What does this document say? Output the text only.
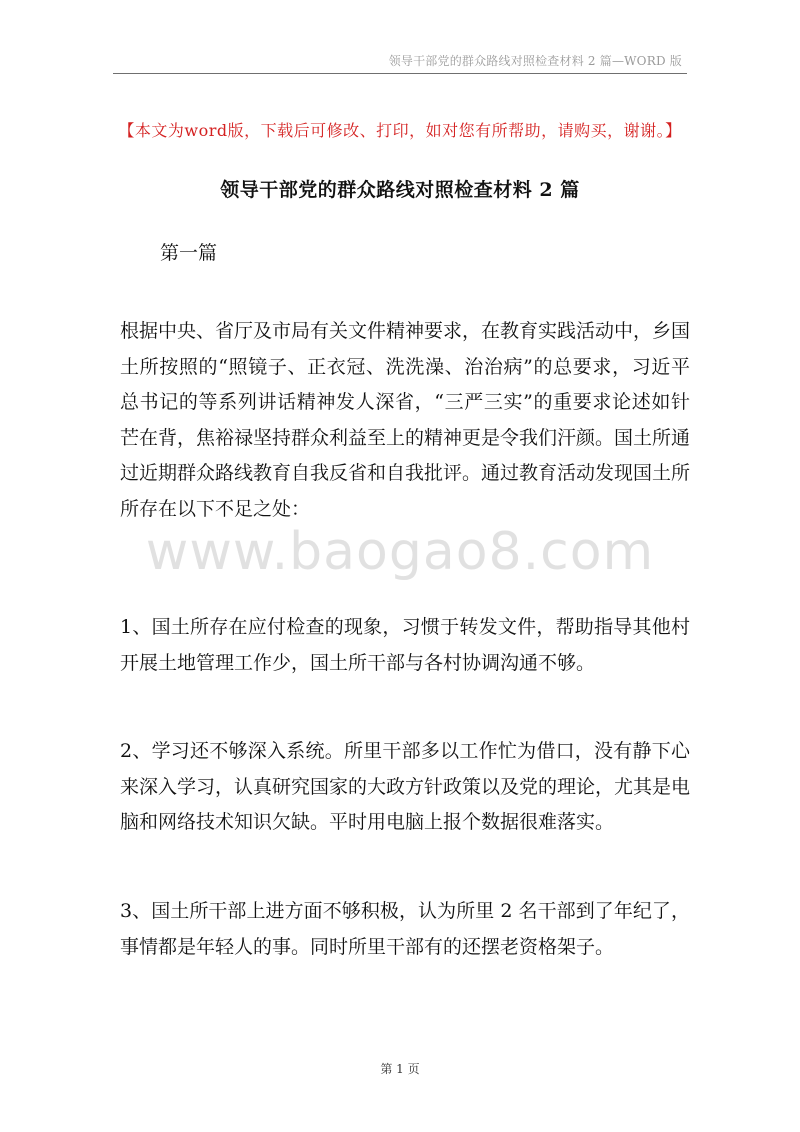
领导干部党的群众路线对照检查材料 2 篇—WORD 版
【本文为word版，下载后可修改、打印，如对您有所帮助，请购买，谢谢。】
领导干部党的群众路线对照检查材料 2 篇
第一篇
根据中央、省厅及市局有关文件精神要求，在教育实践活动中，乡国土所按照的“照镜子、正衣冠、洗洗澡、治治病”的总要求，习近平总书记的等系列讲话精神发人深省，“三严三实”的重要求论述如针芒在背，焦裕禄坚持群众利益至上的精神更是令我们汗颜。国土所通过近期群众路线教育自我反省和自我批评。通过教育活动发现国土所所存在以下不足之处：
www.baogao8.com
1、国土所存在应付检查的现象，习惯于转发文件，帮助指导其他村开展土地管理工作少，国土所干部与各村协调沟通不够。
2、学习还不够深入系统。所里干部多以工作忙为借口，没有静下心来深入学习，认真研究国家的大政方针政策以及党的理论，尤其是电脑和网络技术知识欠缺。平时用电脑上报个数据很难落实。
3、国土所干部上进方面不够积极，认为所里 2 名干部到了年纪了，事情都是年轻人的事。同时所里干部有的还摆老资格架子。
第 1 页
